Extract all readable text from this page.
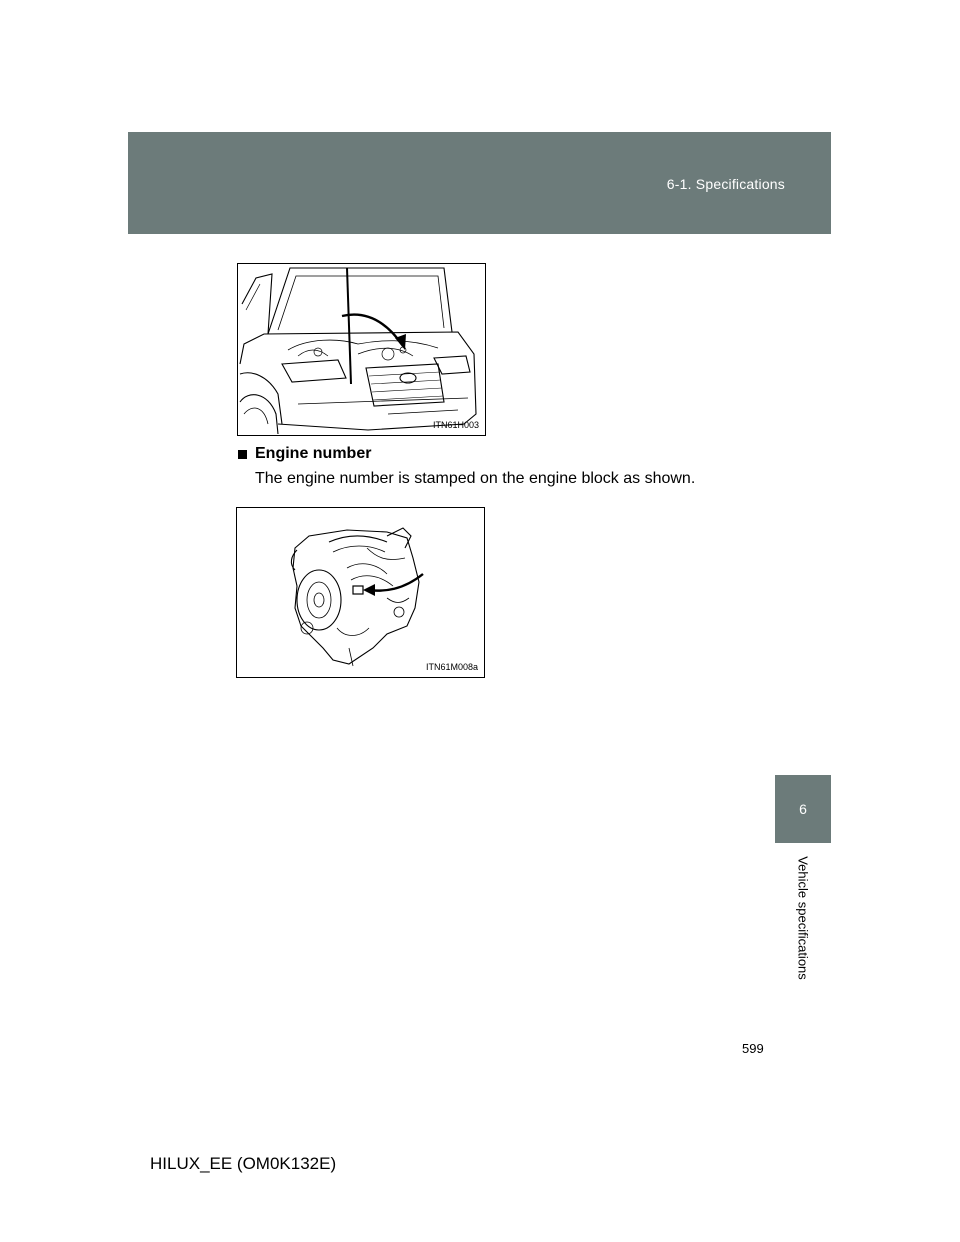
6-1. Specifications
6
Vehicle specifications
ITN61H003
Engine number
The engine number is stamped on the engine block as shown.
ITN61M008a
599
HILUX_EE (OM0K132E)
